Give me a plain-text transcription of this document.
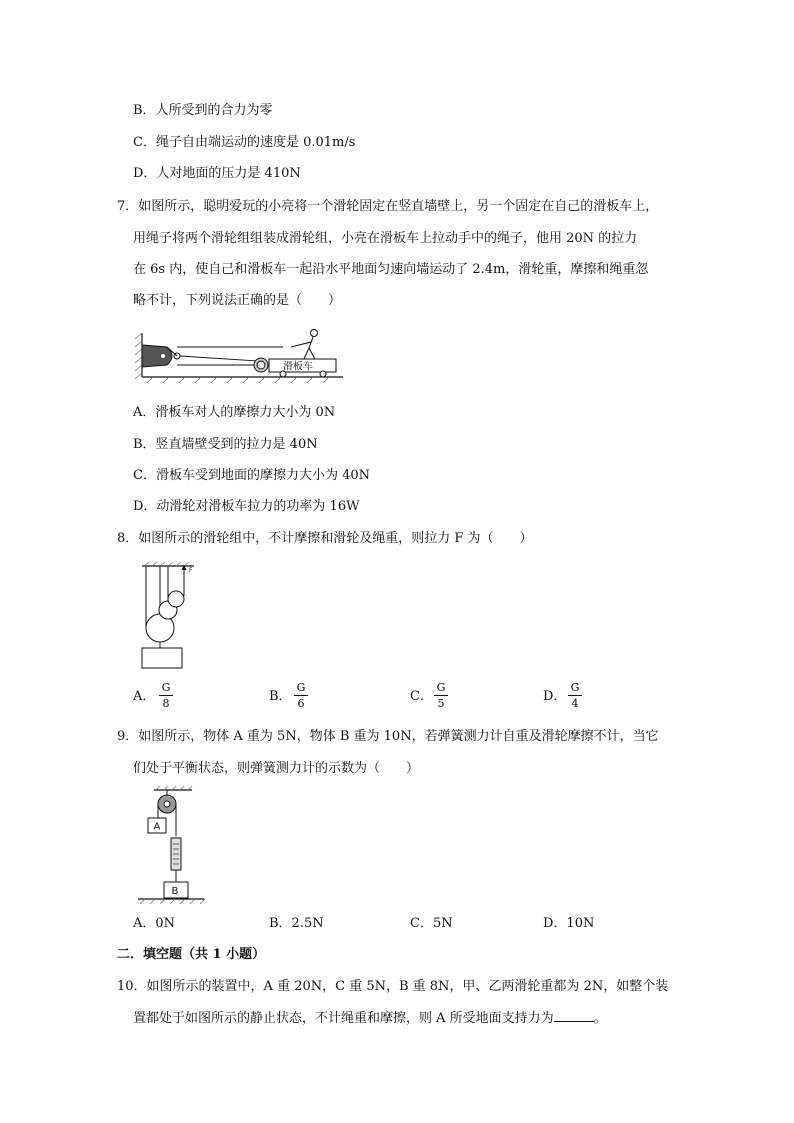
B．人所受到的合力为零
C．绳子自由端运动的速度是 0.01m/s
D．人对地面的压力是 410N
7．如图所示，聪明爱玩的小亮将一个滑轮固定在竖直墙壁上，另一个固定在自己的滑板车上，
用绳子将两个滑轮组组装成滑轮组，小亮在滑板车上拉动手中的绳子，他用 20N 的拉力
在 6s 内，使自己和滑板车一起沿水平地面匀速向墙运动了 2.4m，滑轮重，摩擦和绳重忽
略不计，下列说法正确的是（　　）
滑板车
A．滑板车对人的摩擦力大小为 0N
B．竖直墙壁受到的拉力是 40N
C．滑板车受到地面的摩擦力大小为 40N
D．动滑轮对滑板车拉力的功率为 16W
8．如图所示的滑轮组中，不计摩擦和滑轮及绳重，则拉力 F 为（　　）
F
A． $\frac{G}{8}$	B． $\frac{G}{6}$	C． $\frac{G}{5}$	D． $\frac{G}{4}$
9．如图所示，物体 A 重为 5N，物体 B 重为 10N，若弹簧测力计自重及滑轮摩擦不计，当它
们处于平衡状态，则弹簧测力计的示数为（　　）
A
B
A．0N	B．2.5N	C．5N	D．10N
二．填空题（共 1 小题）
10．如图所示的装置中，A 重 20N，C 重 5N，B 重 8N，甲、乙两滑轮重都为 2N，如整个装
置都处于如图所示的静止状态，不计绳重和摩擦，则 A 所受地面支持力为	。
